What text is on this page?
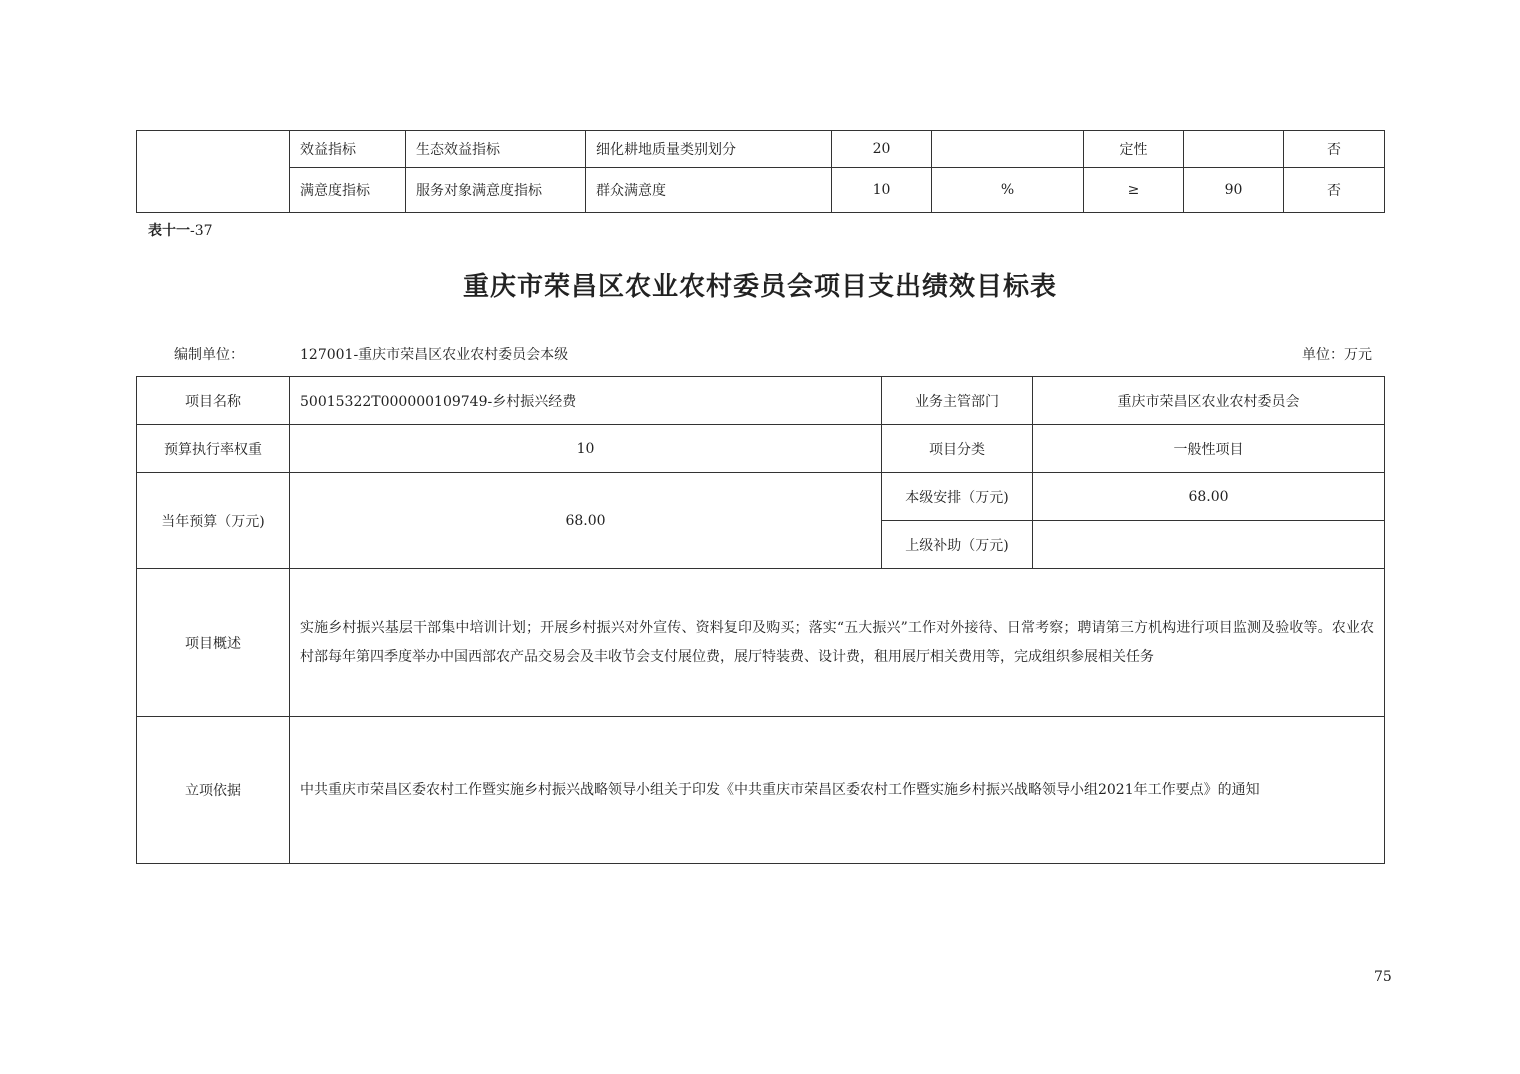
	效益指标	生态效益指标	细化耕地质量类别划分	20		定性		否
	满意度指标	服务对象满意度指标	群众满意度	10	%	≥	90	否
表十一-37
重庆市荣昌区农业农村委员会项目支出绩效目标表
编制单位：	127001-重庆市荣昌区农业农村委员会本级	单位：万元
项目名称	50015322T000000109749-乡村振兴经费	业务主管部门	重庆市荣昌区农业农村委员会
预算执行率权重	10	项目分类	一般性项目
当年预算（万元)	68.00	本级安排（万元)	68.00
		上级补助（万元)	
项目概述	实施乡村振兴基层干部集中培训计划；开展乡村振兴对外宣传、资料复印及购买；落实“五大振兴”工作对外接待、日常考察；聘请第三方机构进行项目监测及验收等。农业农村部每年第四季度举办中国西部农产品交易会及丰收节会支付展位费，展厅特装费、设计费，租用展厅相关费用等，完成组织参展相关任务		
立项依据	中共重庆市荣昌区委农村工作暨实施乡村振兴战略领导小组关于印发《中共重庆市荣昌区委农村工作暨实施乡村振兴战略领导小组2021年工作要点》的通知		
75
